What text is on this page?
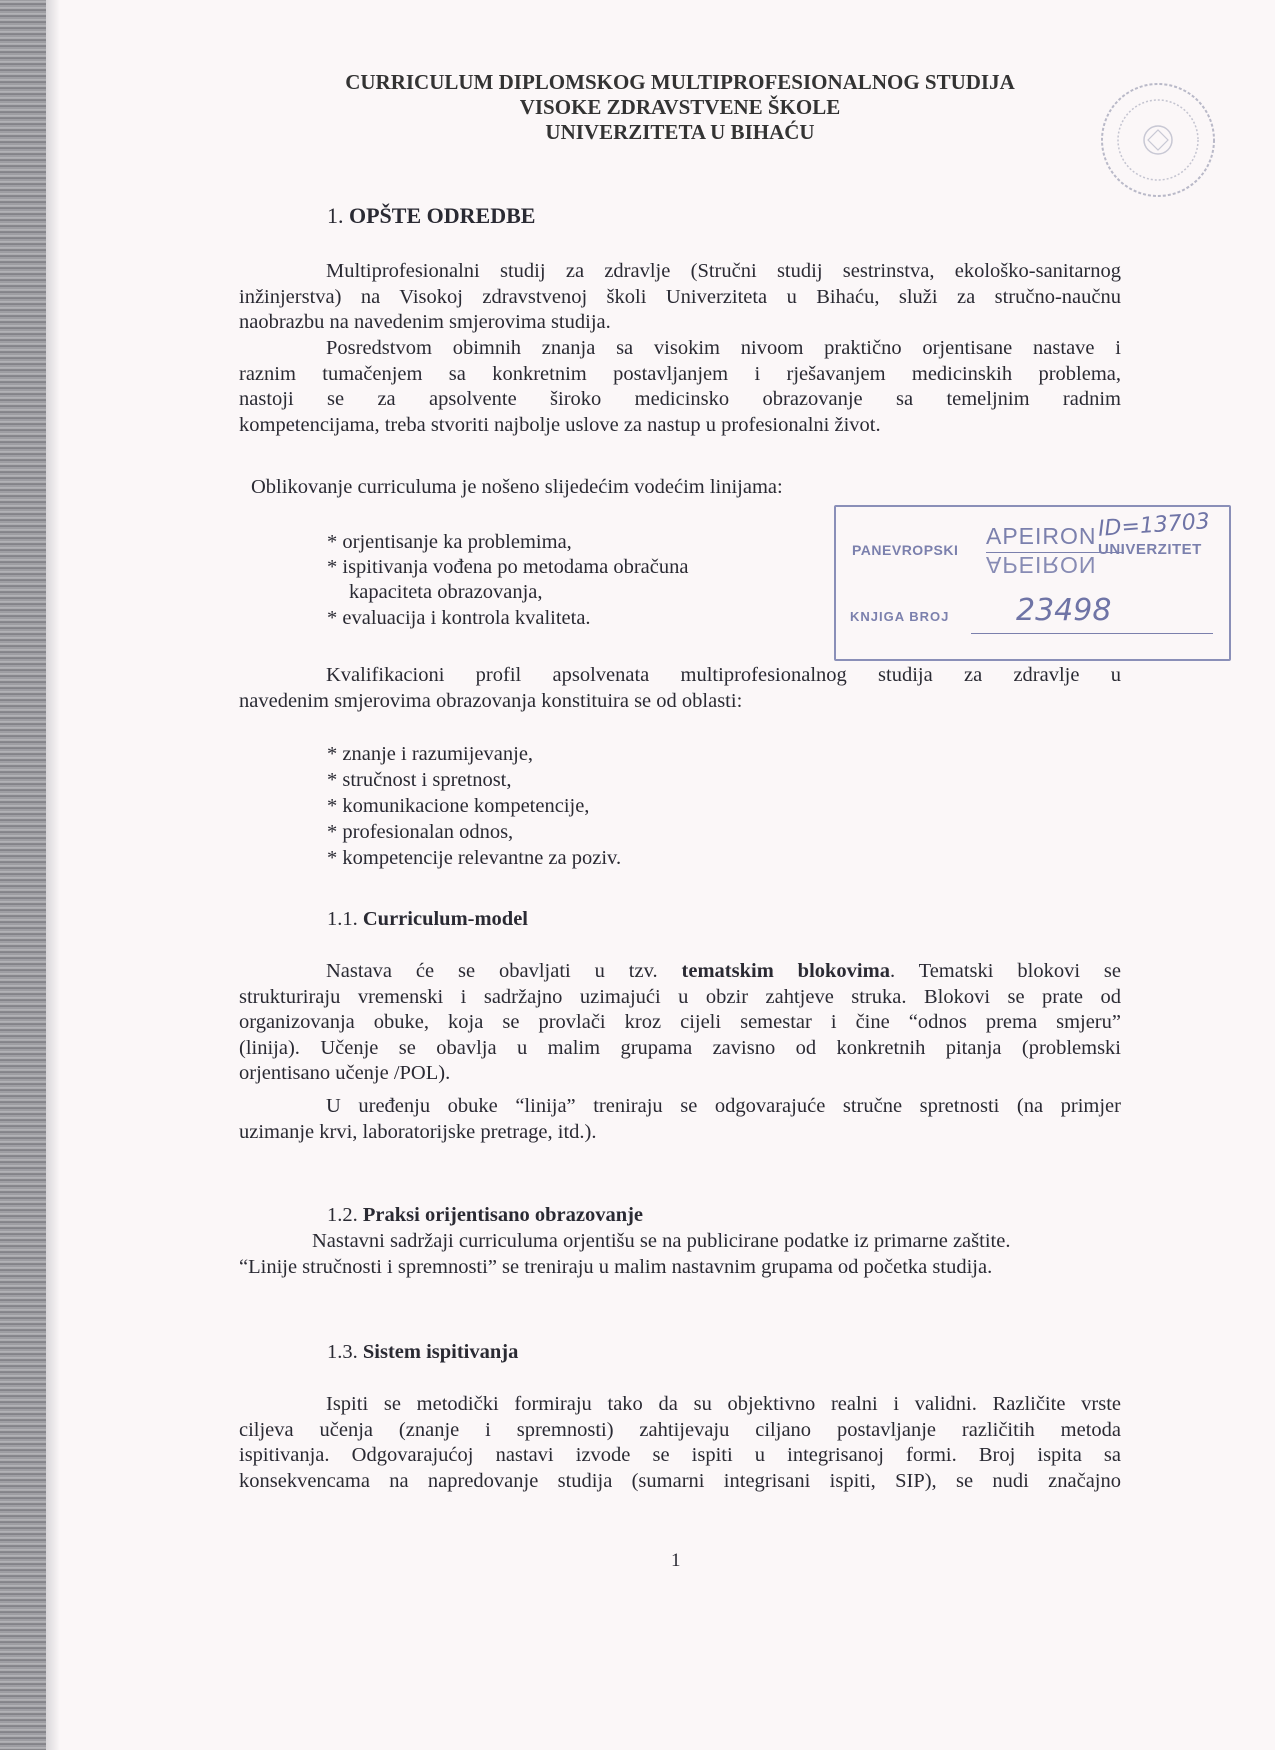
CURRICULUM DIPLOMSKOG MULTIPROFESIONALNOG STUDIJA
VISOKE ZDRAVSTVENE ŠKOLE
UNIVERZITETA U BIHAĆU
1. OPŠTE ODREDBE
Multiprofesionalni studij za zdravlje (Stručni studij sestrinstva, ekološko-sanitarnog
inžinjerstva) na Visokoj zdravstvenoj školi Univerziteta u Bihaću, služi za stručno-naučnu
naobrazbu na navedenim smjerovima studija.
Posredstvom obimnih znanja sa visokim nivoom praktično orjentisane nastave i
raznim tumačenjem sa konkretnim postavljanjem i rješavanjem medicinskih problema,
nastoji se za apsolvente široko medicinsko obrazovanje sa temeljnim radnim
kompetencijama, treba stvoriti najbolje uslove za nastup u profesionalni život.
Oblikovanje curriculuma je nošeno slijedećim vodećim linijama:
* orjentisanje ka problemima,
* ispitivanja vođena po metodama obračuna
kapaciteta obrazovanja,
* evaluacija i kontrola kvaliteta.
PANEVROPSKI
APEIRON
APEIRON
ID=13703
UNIVERZITET
KNJIGA BROJ 23498
Kvalifikacioni profil apsolvenata multiprofesionalnog studija za zdravlje u
navedenim smjerovima obrazovanja konstituira se od oblasti:
* znanje i razumijevanje,
* stručnost i spretnost,
* komunikacione kompetencije,
* profesionalan odnos,
* kompetencije relevantne za poziv.
1.1. Curriculum-model
Nastava će se obavljati u tzv. tematskim blokovima. Tematski blokovi se
strukturiraju vremenski i sadržajno uzimajući u obzir zahtjeve struka. Blokovi se prate od
organizovanja obuke, koja se provlači kroz cijeli semestar i čine “odnos prema smjeru”
(linija). Učenje se obavlja u malim grupama zavisno od konkretnih pitanja (problemski
orjentisano učenje /POL).
U uređenju obuke “linija” treniraju se odgovarajuće stručne spretnosti (na primjer
uzimanje krvi, laboratorijske pretrage, itd.).
1.2. Praksi orijentisano obrazovanje
Nastavni sadržaji curriculuma orjentišu se na publicirane podatke iz primarne zaštite.
“Linije stručnosti i spremnosti” se treniraju u malim nastavnim grupama od početka studija.
1.3. Sistem ispitivanja
Ispiti se metodički formiraju tako da su objektivno realni i validni. Različite vrste
ciljeva učenja (znanje i spremnosti) zahtijevaju ciljano postavljanje različitih metoda
ispitivanja. Odgovarajućoj nastavi izvode se ispiti u integrisanoj formi. Broj ispita sa
konsekvencama na napredovanje studija (sumarni integrisani ispiti, SIP), se nudi značajno
1
